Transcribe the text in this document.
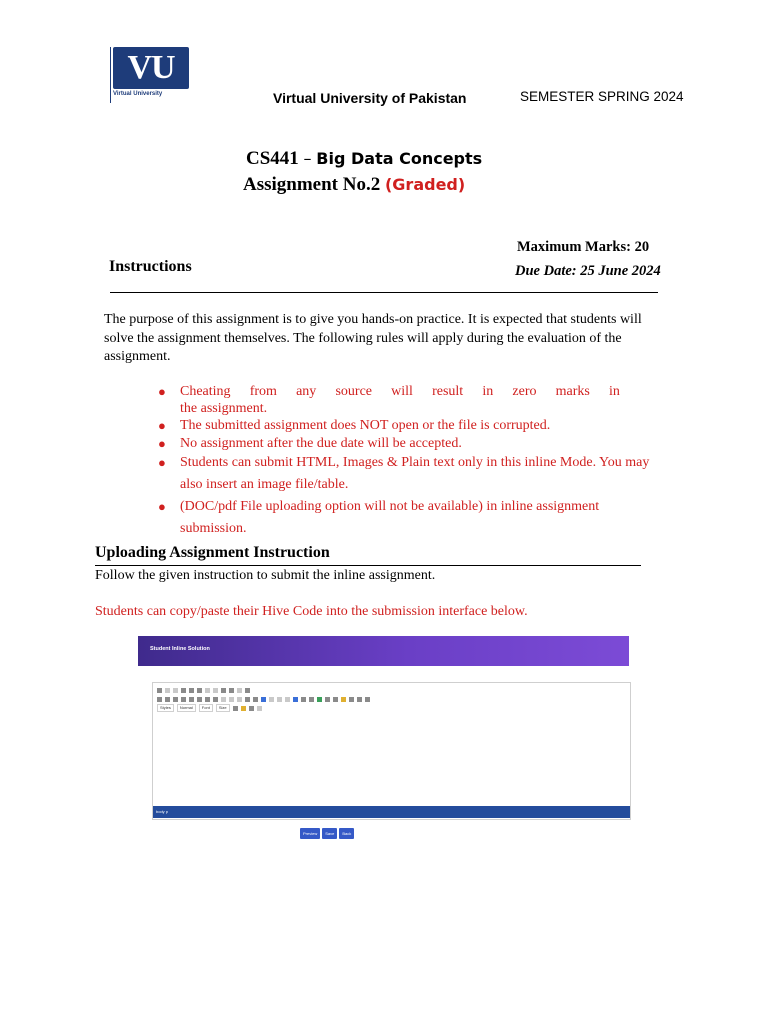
VU
Virtual University	Virtual University of Pakistan	SEMESTER SPRING 2024
CS441 – Big Data Concepts
Assignment No.2 (Graded)
Maximum Marks: 20
Due Date: 25 June 2024
Instructions
The purpose of this assignment is to give you hands-on practice. It is expected that students will solve the assignment themselves. The following rules will apply during the evaluation of the assignment.
● Cheating from any source will result in zero marks in
the assignment.
● The submitted assignment does NOT open or the file is corrupted.
● No assignment after the due date will be accepted.
● Students can submit HTML, Images & Plain text only in this inline Mode. You may also insert an image file/table.
● (DOC/pdf File uploading option will not be available) in inline assignment submission.
Uploading Assignment Instruction
Follow the given instruction to submit the inline assignment.
Students can copy/paste their Hive Code into the submission interface below.
Student Inline Solution
Styles	Normal	Font	Size
body p
Preview	Save	Back
